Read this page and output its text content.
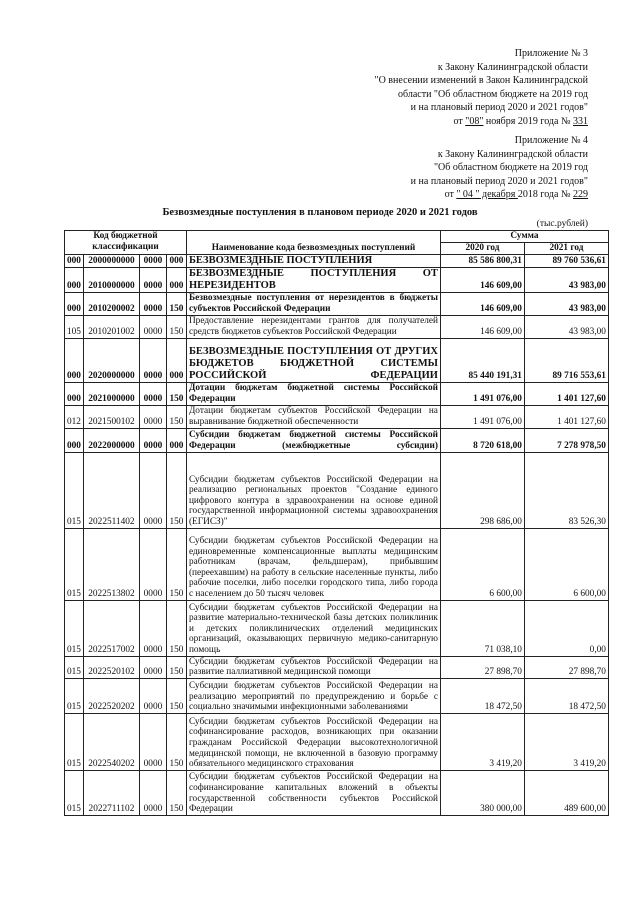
Приложение № 3
к Закону Калининградской области
"О внесении изменений в Закон Калининградской
области "Об областном бюджете на 2019 год
и на плановый период 2020 и 2021 годов"
от "08" ноября 2019 года № 331
Приложение № 4
к Закону Калининградской области
"Об областном бюджете на 2019 год
и на плановый период 2020 и 2021 годов"
от " 04 " декабря 2018 года № 229
Безвозмездные поступления в плановом периоде 2020 и 2021 годов
(тыс.рублей)
Код бюджетной классификации				Наименование кода безвозмездных поступлений	Сумма	
					2020 год	2021 год
000	2000000000	0000	000	БЕЗВОЗМЕЗДНЫЕ ПОСТУПЛЕНИЯ	85 586 800,31	89 760 536,61
000	2010000000	0000	000	БЕЗВОЗМЕЗДНЫЕ ПОСТУПЛЕНИЯ ОТ НЕРЕЗИДЕНТОВ	146 609,00	43 983,00
000	2010200002	0000	150	Безвозмездные поступления от нерезидентов в бюджеты субъектов Российской Федерации	146 609,00	43 983,00
105	2010201002	0000	150	Предоставление нерезидентами грантов для получателей средств бюджетов субъектов Российской Федерации	146 609,00	43 983,00
000	2020000000	0000	000	БЕЗВОЗМЕЗДНЫЕ ПОСТУПЛЕНИЯ ОТ ДРУГИХ БЮДЖЕТОВ БЮДЖЕТНОЙ СИСТЕМЫ РОССИЙСКОЙ ФЕДЕРАЦИИ	85 440 191,31	89 716 553,61
000	2021000000	0000	150	Дотации бюджетам бюджетной системы Российской Федерации	1 491 076,00	1 401 127,60
012	2021500102	0000	150	Дотации бюджетам субъектов Российской Федерации на выравнивание бюджетной обеспеченности	1 491 076,00	1 401 127,60
000	2022000000	0000	000	Субсидии бюджетам бюджетной системы Российской Федерации (межбюджетные субсидии)	8 720 618,00	7 278 978,50
015	2022511402	0000	150	Субсидии бюджетам субъектов Российской Федерации на реализацию региональных проектов "Создание единого цифрового контура в здравоохранении на основе единой государственной информационной системы здравоохранения (ЕГИСЗ)"	298 686,00	83 526,30
015	2022513802	0000	150	Субсидии бюджетам субъектов Российской Федерации на единовременные компенсационные выплаты медицинским работникам (врачам, фельдшерам), прибывшим (переехавшим) на работу в сельские населенные пункты, либо рабочие поселки, либо поселки городского типа, либо города с населением до 50 тысяч человек	6 600,00	6 600,00
015	2022517002	0000	150	Субсидии бюджетам субъектов Российской Федерации на развитие материально-технической базы детских поликлиник и детских поликлинических отделений медицинских организаций, оказывающих первичную медико-санитарную помощь	71 038,10	0,00
015	2022520102	0000	150	Субсидии бюджетам субъектов Российской Федерации на развитие паллиативной медицинской помощи	27 898,70	27 898,70
015	2022520202	0000	150	Субсидии бюджетам субъектов Российской Федерации на реализацию мероприятий по предупреждению и борьбе с социально значимыми инфекционными заболеваниями	18 472,50	18 472,50
015	2022540202	0000	150	Субсидии бюджетам субъектов Российской Федерации на софинансирование расходов, возникающих при оказании гражданам Российской Федерации высокотехнологичной медицинской помощи, не включенной в базовую программу обязательного медицинского страхования	3 419,20	3 419,20
015	2022711102	0000	150	Субсидии бюджетам субъектов Российской Федерации на софинансирование капитальных вложений в объекты государственной собственности субъектов Российской Федерации	380 000,00	489 600,00
